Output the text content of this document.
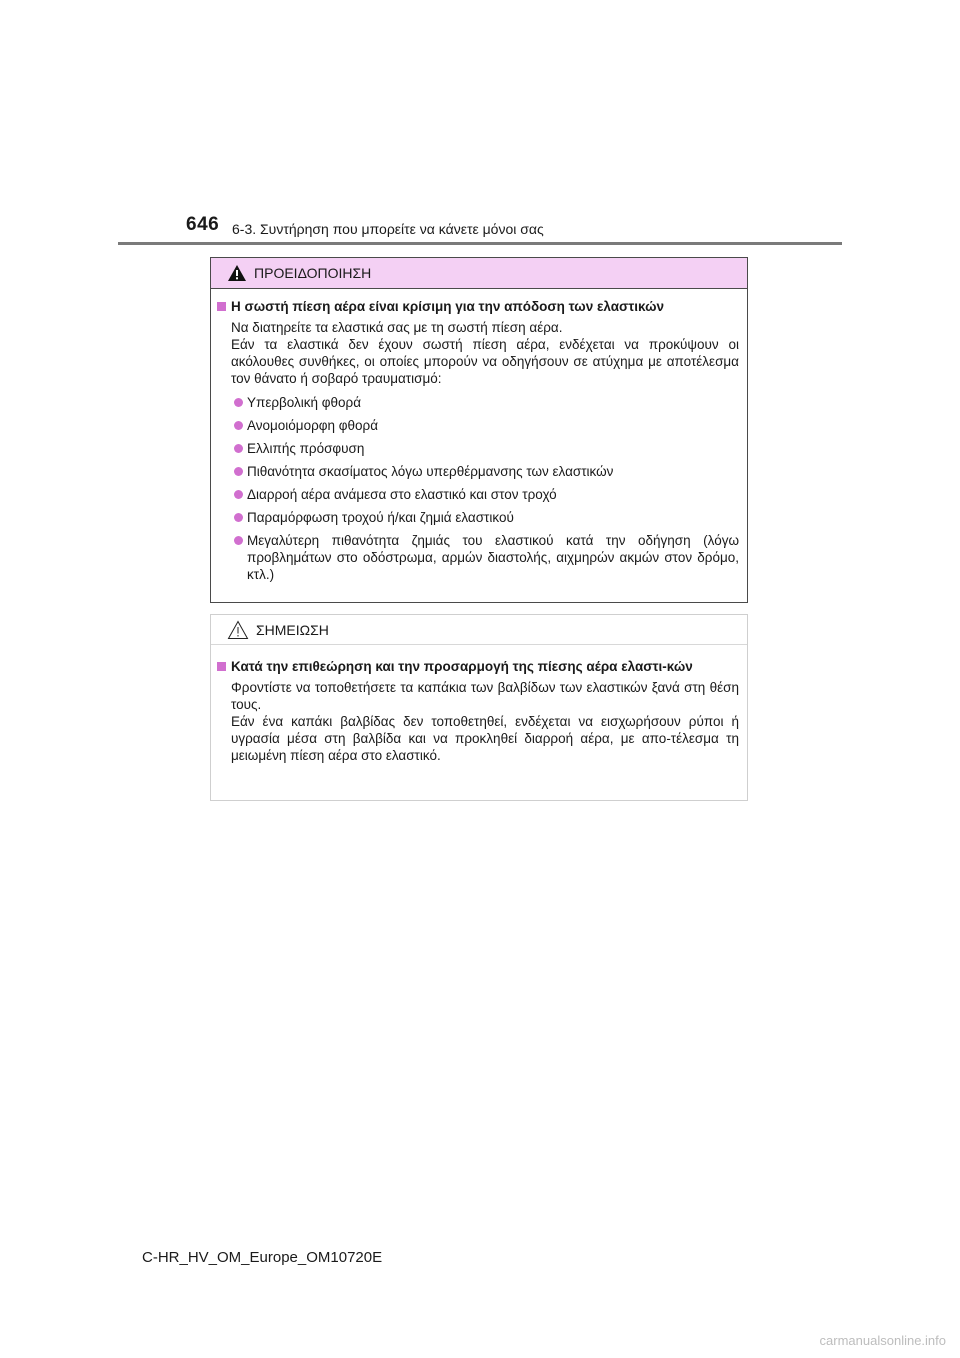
646 6-3. Συντήρηση που μπορείτε να κάνετε μόνοι σας
ΠΡΟΕΙΔΟΠΟΙΗΣΗ
Η σωστή πίεση αέρα είναι κρίσιμη για την απόδοση των ελαστικών

Να διατηρείτε τα ελαστικά σας με τη σωστή πίεση αέρα.

Εάν τα ελαστικά δεν έχουν σωστή πίεση αέρα, ενδέχεται να προκύψουν οι ακόλουθες συνθήκες, οι οποίες μπορούν να οδηγήσουν σε ατύχημα με αποτέλεσμα τον θάνατο ή σοβαρό τραυματισμό:

Υπερβολική φθορά
Ανομοιόμορφη φθορά
Ελλιπής πρόσφυση
Πιθανότητα σκασίματος λόγω υπερθέρμανσης των ελαστικών
Διαρροή αέρα ανάμεσα στο ελαστικό και στον τροχό
Παραμόρφωση τροχού ή/και ζημιά ελαστικού
Μεγαλύτερη πιθανότητα ζημιάς του ελαστικού κατά την οδήγηση (λόγω προβλημάτων στο οδόστρωμα, αρμών διαστολής, αιχμηρών ακμών στον δρόμο, κτλ.)
ΣΗΜΕΙΩΣΗ
Κατά την επιθεώρηση και την προσαρμογή της πίεσης αέρα ελαστι-κών

Φροντίστε να τοποθετήσετε τα καπάκια των βαλβίδων των ελαστικών ξανά στη θέση τους.

Εάν ένα καπάκι βαλβίδας δεν τοποθετηθεί, ενδέχεται να εισχωρήσουν ρύποι ή υγρασία μέσα στη βαλβίδα και να προκληθεί διαρροή αέρα, με απο-τέλεσμα τη μειωμένη πίεση αέρα στο ελαστικό.

C-HR_HV_OM_Europe_OM10720E
carmanualsonline.info
